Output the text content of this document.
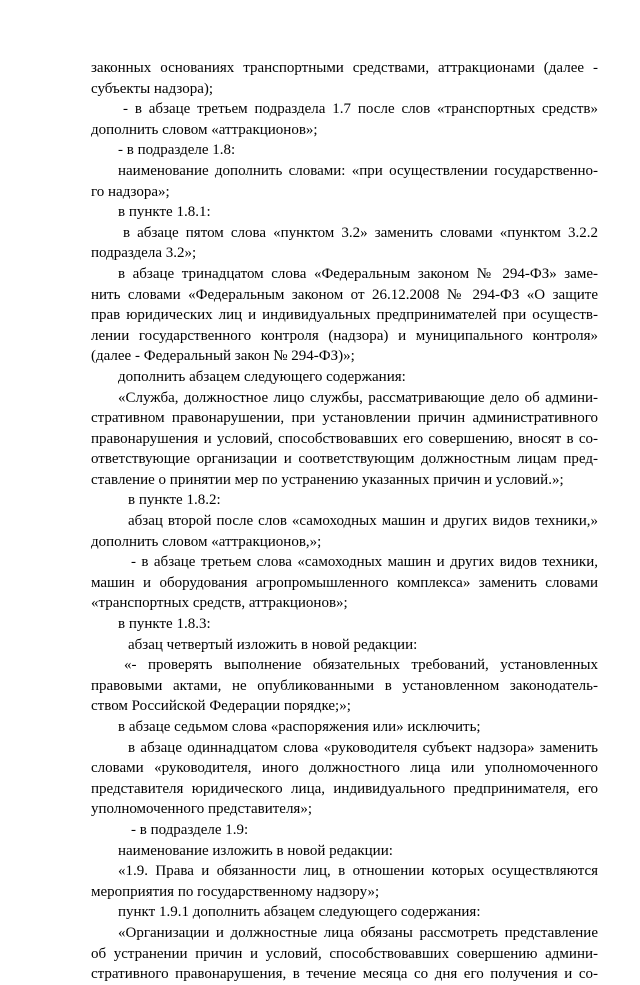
законных основаниях транспортными средствами, аттракционами (далее -
субъекты надзора);
- в абзаце третьем подраздела 1.7 после слов «транспортных средств»
дополнить словом «аттракционов»;
- в подразделе 1.8:
наименование дополнить словами: «при осуществлении государственно-
го надзора»;
в пункте 1.8.1:
в абзаце пятом слова «пунктом 3.2» заменить словами «пунктом 3.2.2
подраздела 3.2»;
в абзаце тринадцатом слова «Федеральным законом № 294-ФЗ» заме-
нить словами «Федеральным законом от 26.12.2008 № 294-ФЗ «О защите
прав юридических лиц и индивидуальных предпринимателей при осуществ-
лении государственного контроля (надзора) и муниципального контроля»
(далее - Федеральный закон № 294-ФЗ)»;
дополнить абзацем следующего содержания:
«Служба, должностное лицо службы, рассматривающие дело об админи-
стративном правонарушении, при установлении причин административного
правонарушения и условий, способствовавших его совершению, вносят в со-
ответствующие организации и соответствующим должностным лицам пред-
ставление о принятии мер по устранению указанных причин и условий.»;
в пункте 1.8.2:
абзац второй после слов «самоходных машин и других видов техники,»
дополнить словом «аттракционов,»;
- в абзаце третьем слова «самоходных машин и других видов техники,
машин и оборудования агропромышленного комплекса» заменить словами
«транспортных средств, аттракционов»;
в пункте 1.8.3:
абзац четвертый изложить в новой редакции:
«- проверять выполнение обязательных требований, установленных
правовыми актами, не опубликованными в установленном законодатель-
ством Российской Федерации порядке;»;
в абзаце седьмом слова «распоряжения или» исключить;
в абзаце одиннадцатом слова «руководителя субъект надзора» заменить
словами «руководителя, иного должностного лица или уполномоченного
представителя юридического лица, индивидуального предпринимателя, его
уполномоченного представителя»;
- в подразделе 1.9:
наименование изложить в новой редакции:
«1.9. Права и обязанности лиц, в отношении которых осуществляются
мероприятия по государственному надзору»;
пункт 1.9.1 дополнить абзацем следующего содержания:
«Организации и должностные лица обязаны рассмотреть представление
об устранении причин и условий, способствовавших совершению админи-
стративного правонарушения, в течение месяца со дня его получения и со-
